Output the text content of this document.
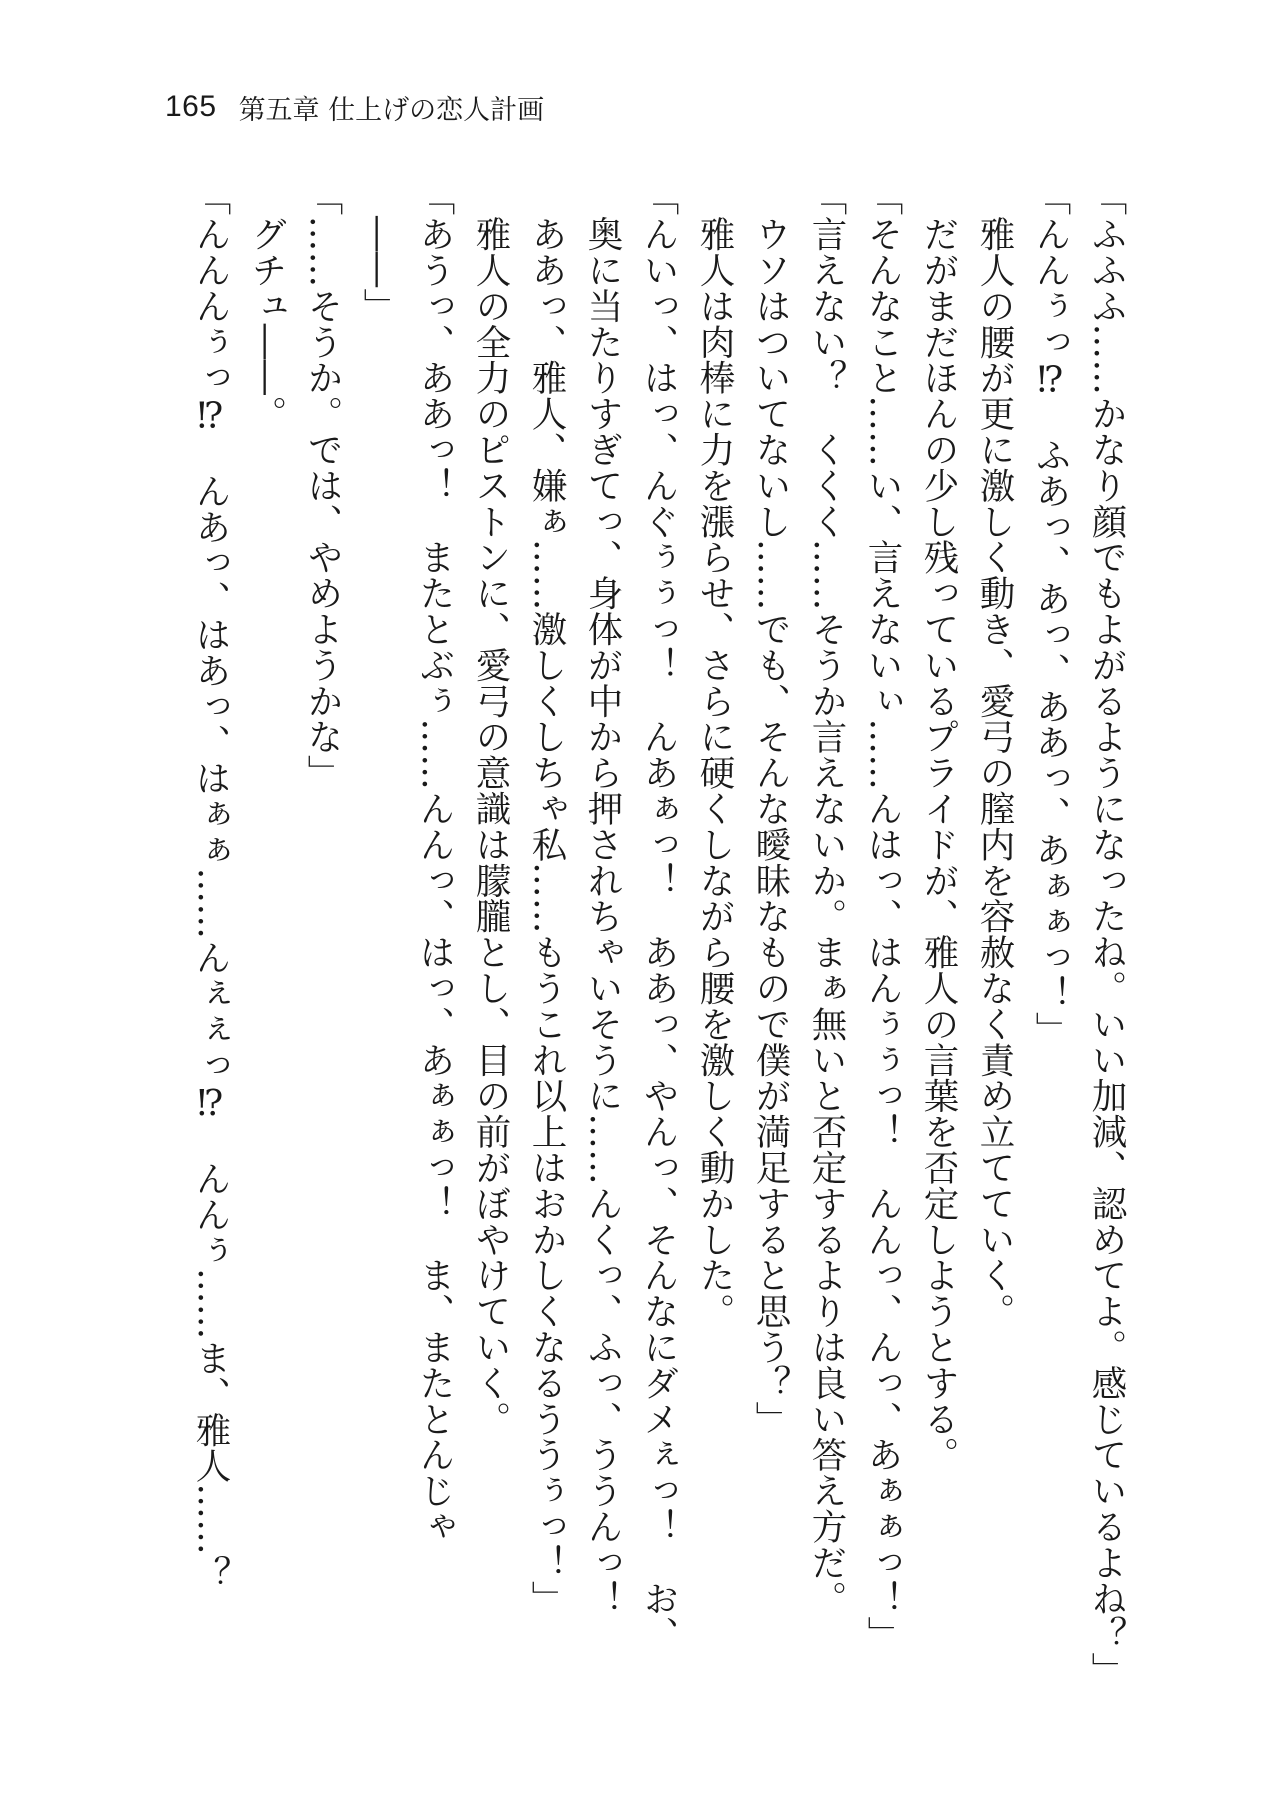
165 第五章 仕上げの恋人計画
「ふふふ……かなり顔でもよがるようになったね。いい加減、認めてよ。感じているよね？」
「んんぅっ⁉　ふあっ、あっ、ああっ、あぁぁっ！」
　雅人の腰が更に激しく動き、愛弓の膣内を容赦なく責め立てていく。
　だがまだほんの少し残っているプライドが、雅人の言葉を否定しようとする。
「そんなこと……い、言えないぃ……んはっ、はんぅぅっ！　んんっ、んっ、あぁぁっ！」
「言えない？　くくく……そうか言えないか。まぁ無いと否定するよりは良い答え方だ。
　ウソはついてないし……でも、そんな曖昧なもので僕が満足すると思う？」
　雅人は肉棒に力を漲らせ、さらに硬くしながら腰を激しく動かした。
「んいっ、はっ、んぐぅぅっ！　んあぁっ！　ああっ、やんっ、そんなにダメぇっ！　お、
　奥に当たりすぎてっ、身体が中から押されちゃいそうに……んくっ、ふっ、ううんっ！
　ああっ、雅人、嫌ぁ……激しくしちゃ私……もうこれ以上はおかしくなるううぅっ！」
　雅人の全力のピストンに、愛弓の意識は朦朧とし、目の前がぼやけていく。
「あうっ、ああっ！　またとぶぅ……んんっ、はっ、あぁぁっ！　ま、またとんじゃ
　――」
「……そうか。では、やめようかな」
　グチュ――。
「んんんぅっ⁉　んあっ、はあっ、はぁぁ……んぇぇっ⁉　んんぅ……ま、雅人……？
